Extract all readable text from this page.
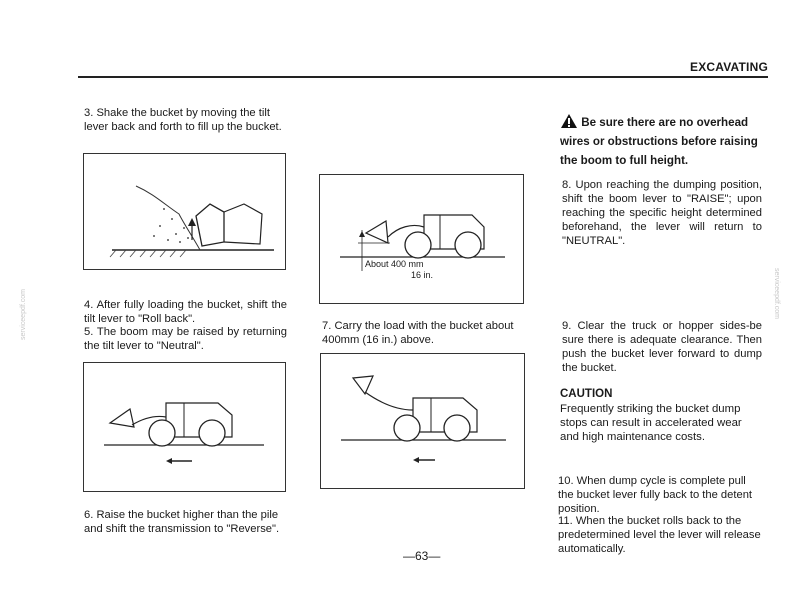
EXCAVATING
serviceepdf.com	serviceepdf.com
3. Shake the bucket by moving the tilt lever back and forth to fill up the bucket.
4. After fully loading the bucket, shift the tilt lever to "Roll back".
5. The boom may be raised by returning the tilt lever to "Neutral".
6. Raise the bucket higher than the pile and shift the transmission to "Reverse".
About 400 mm
16 in.
7. Carry the load with the bucket about 400mm (16 in.) above.
Be sure there are no overhead wires or obstructions before raising the boom to full height.
8. Upon reaching the dumping position, shift the boom lever to "RAISE"; upon reaching the specific height determined beforehand, the lever will return to "NEUTRAL".
9. Clear the truck or hopper sides-be sure there is adequate clearance. Then push the bucket lever forward to dump the bucket.
CAUTION
Frequently striking the bucket dump stops can result in accelerated wear and high maintenance costs.
10. When dump cycle is complete pull the bucket lever fully back to the detent position.
11. When the bucket rolls back to the predetermined level the lever will release automatically.
—63—
